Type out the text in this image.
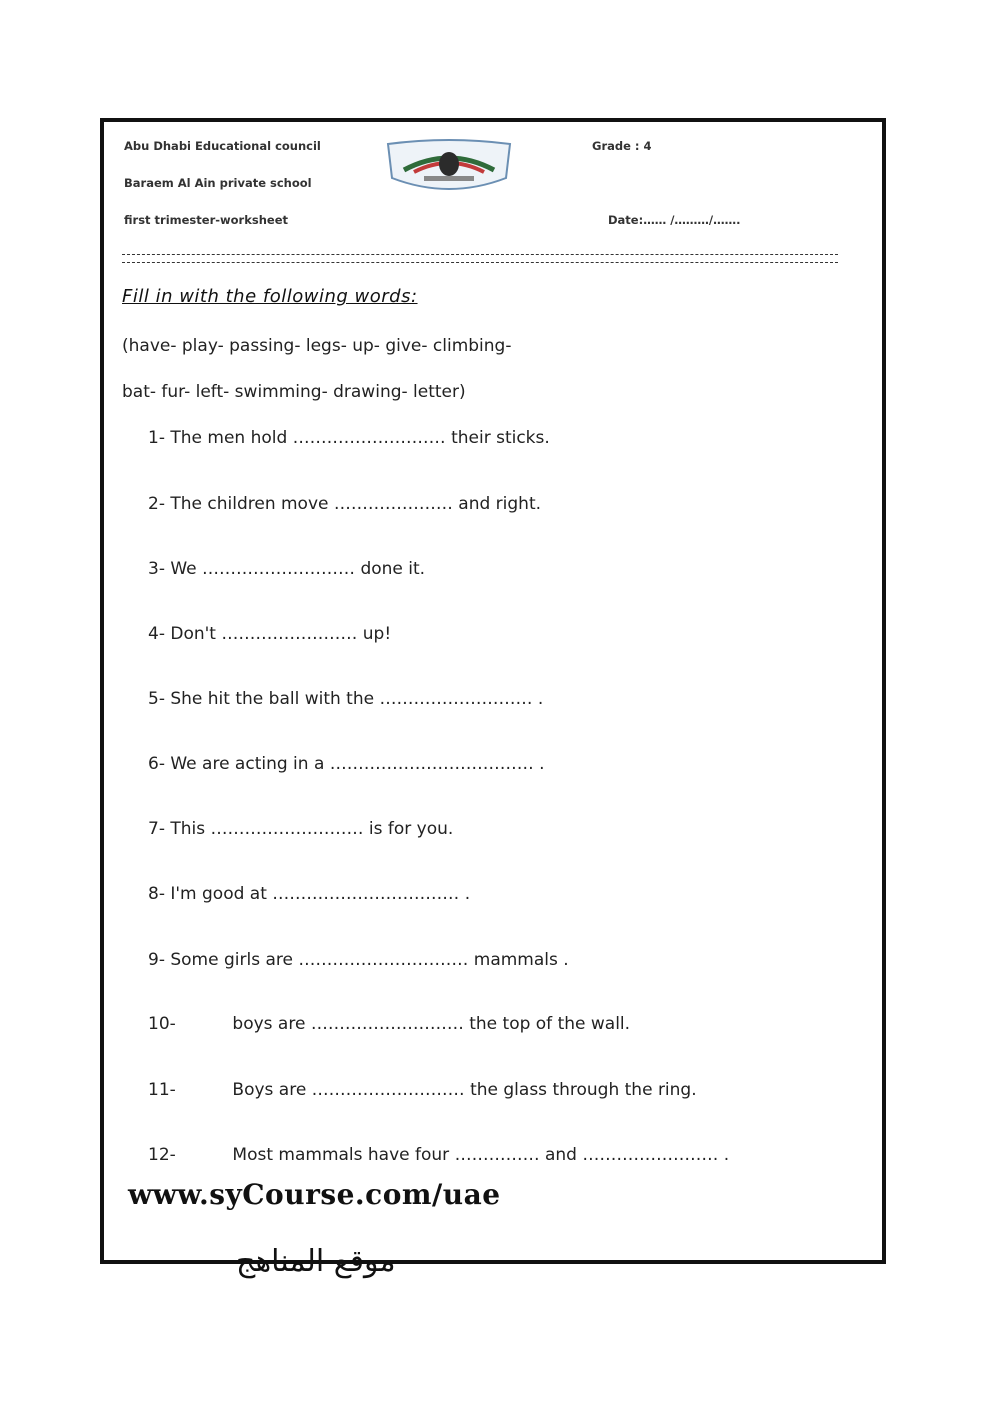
Abu Dhabi Educational council
Baraem Al Ain private school
first trimester-worksheet
Grade : 4
Date:…… /………/…….
Fill in with the following words:
(have- play- passing- legs- up- give- climbing-
bat- fur- left- swimming- drawing- letter)
1- The men hold ……………………… their sticks.
2- The children move ………………… and right.
3- We ……………………… done it.
4- Don't …………………… up!
5- She hit the ball with the ……………………… .
6- We are acting in a ……………………………… .
7- This ……………………… is for you.
8- I'm good at …………………………… .
9- Some girls are ………………………… mammals .
10-	boys are ……………………… the top of the wall.
11-	Boys are ……………………… the glass through the ring.
12-	Most mammals have four …………… and …………………… .
www.syCourse.com/uae
موقع المناهج
